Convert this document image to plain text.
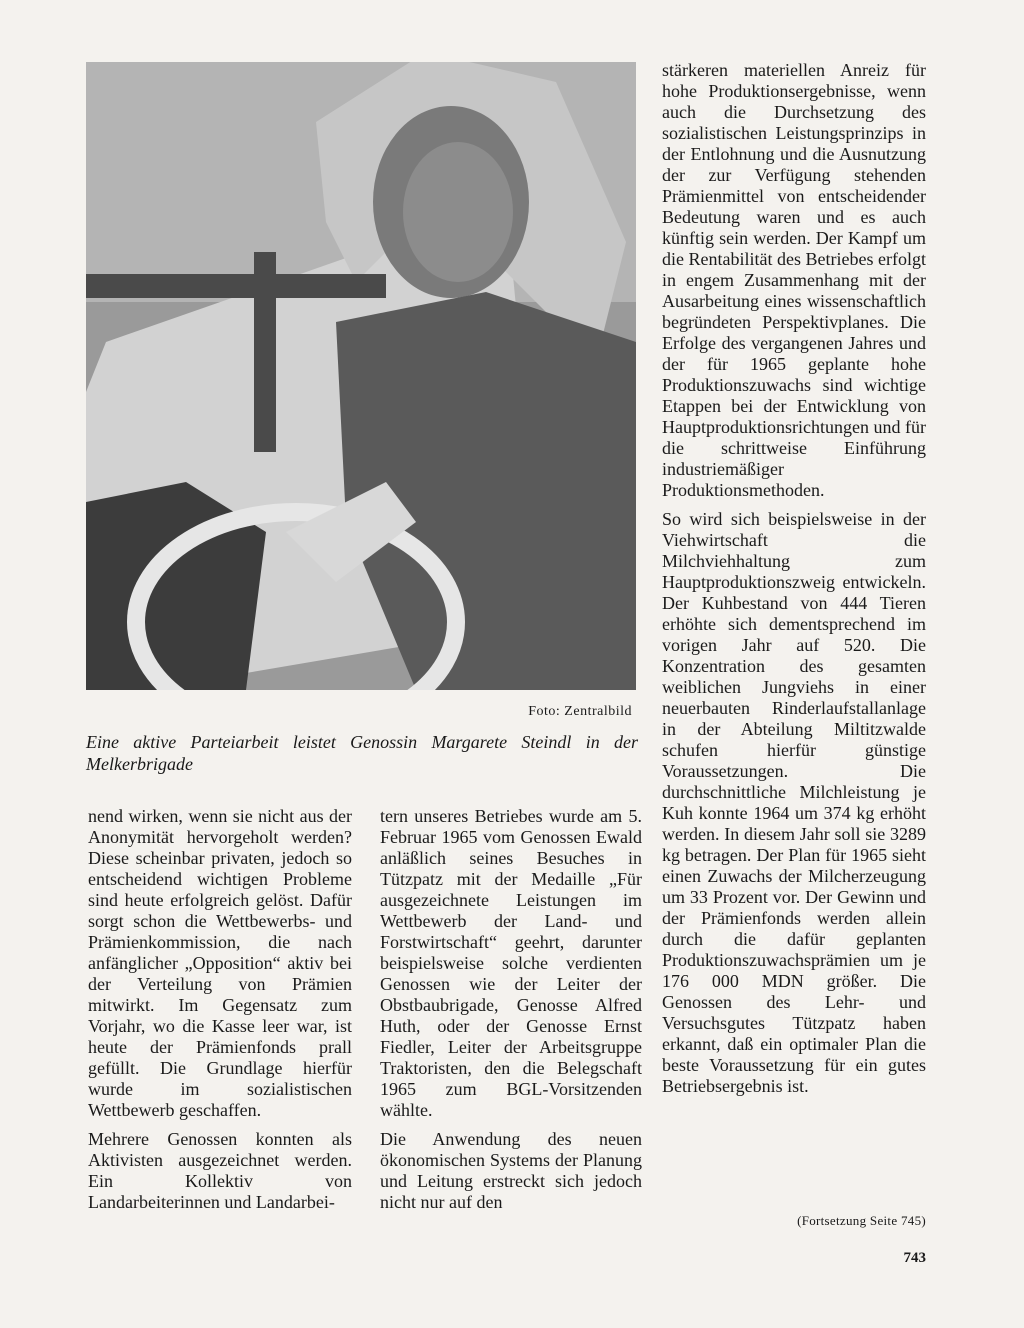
Foto: Zentralbild
Eine aktive Parteiarbeit leistet Genossin Margarete Steindl in der Melkerbrigade

stärkeren materiellen Anreiz für hohe Produktionsergebnisse, wenn auch die Durchsetzung des sozialistischen Leistungsprinzips in der Entlohnung und die Ausnutzung der zur Verfügung stehenden Prämienmittel von entscheidender Bedeutung waren und es auch künftig sein werden. Der Kampf um die Rentabilität des Betriebes erfolgt in engem Zusammenhang mit der Ausarbeitung eines wissenschaftlich begründeten Perspektivplanes. Die Erfolge des vergangenen Jahres und der für 1965 geplante hohe Produktionszuwachs sind wichtige Etappen bei der Entwicklung von Hauptproduktionsrichtungen und für die schrittweise Einführung industriemäßiger Produktionsmethoden.

So wird sich beispielsweise in der Viehwirtschaft die Milchviehhaltung zum Hauptproduktionszweig entwickeln. Der Kuhbestand von 444 Tieren erhöhte sich dementsprechend im vorigen Jahr auf 520. Die Konzentration des gesamten weiblichen Jungviehs in einer neuerbauten Rinderlaufstallanlage in der Abteilung Miltitzwalde schufen hierfür günstige Voraussetzungen. Die durchschnittliche Milchleistung je Kuh konnte 1964 um 374 kg erhöht werden. In diesem Jahr soll sie 3289 kg betragen. Der Plan für 1965 sieht einen Zuwachs der Milcherzeugung um 33 Prozent vor. Der Gewinn und der Prämienfonds werden allein durch die dafür geplanten Produktionszuwachsprämien um je 176 000 MDN größer. Die Genossen des Lehr- und Versuchsgutes Tützpatz haben erkannt, daß ein optimaler Plan die beste Voraussetzung für ein gutes Betriebsergebnis ist.

nend wirken, wenn sie nicht aus der Anonymität hervorgeholt werden? Diese scheinbar privaten, jedoch so entscheidend wichtigen Probleme sind heute erfolgreich gelöst. Dafür sorgt schon die Wettbewerbs- und Prämienkommission, die nach anfänglicher „Opposition“ aktiv bei der Verteilung von Prämien mitwirkt. Im Gegensatz zum Vorjahr, wo die Kasse leer war, ist heute der Prämienfonds prall gefüllt. Die Grundlage hierfür wurde im sozialistischen Wettbewerb geschaffen.

Mehrere Genossen konnten als Aktivisten ausgezeichnet werden. Ein Kollektiv von Landarbeiterinnen und Landarbei-

tern unseres Betriebes wurde am 5. Februar 1965 vom Genossen Ewald anläßlich seines Besuches in Tützpatz mit der Medaille „Für ausgezeichnete Leistungen im Wettbewerb der Land- und Forstwirtschaft“ geehrt, darunter beispielsweise solche verdienten Genossen wie der Leiter der Obstbaubrigade, Genosse Alfred Huth, oder der Genosse Ernst Fiedler, Leiter der Arbeitsgruppe Traktoristen, den die Belegschaft 1965 zum BGL-Vorsitzenden wählte.

Die Anwendung des neuen ökonomischen Systems der Planung und Leitung erstreckt sich jedoch nicht nur auf den

(Fortsetzung Seite 745)
743
